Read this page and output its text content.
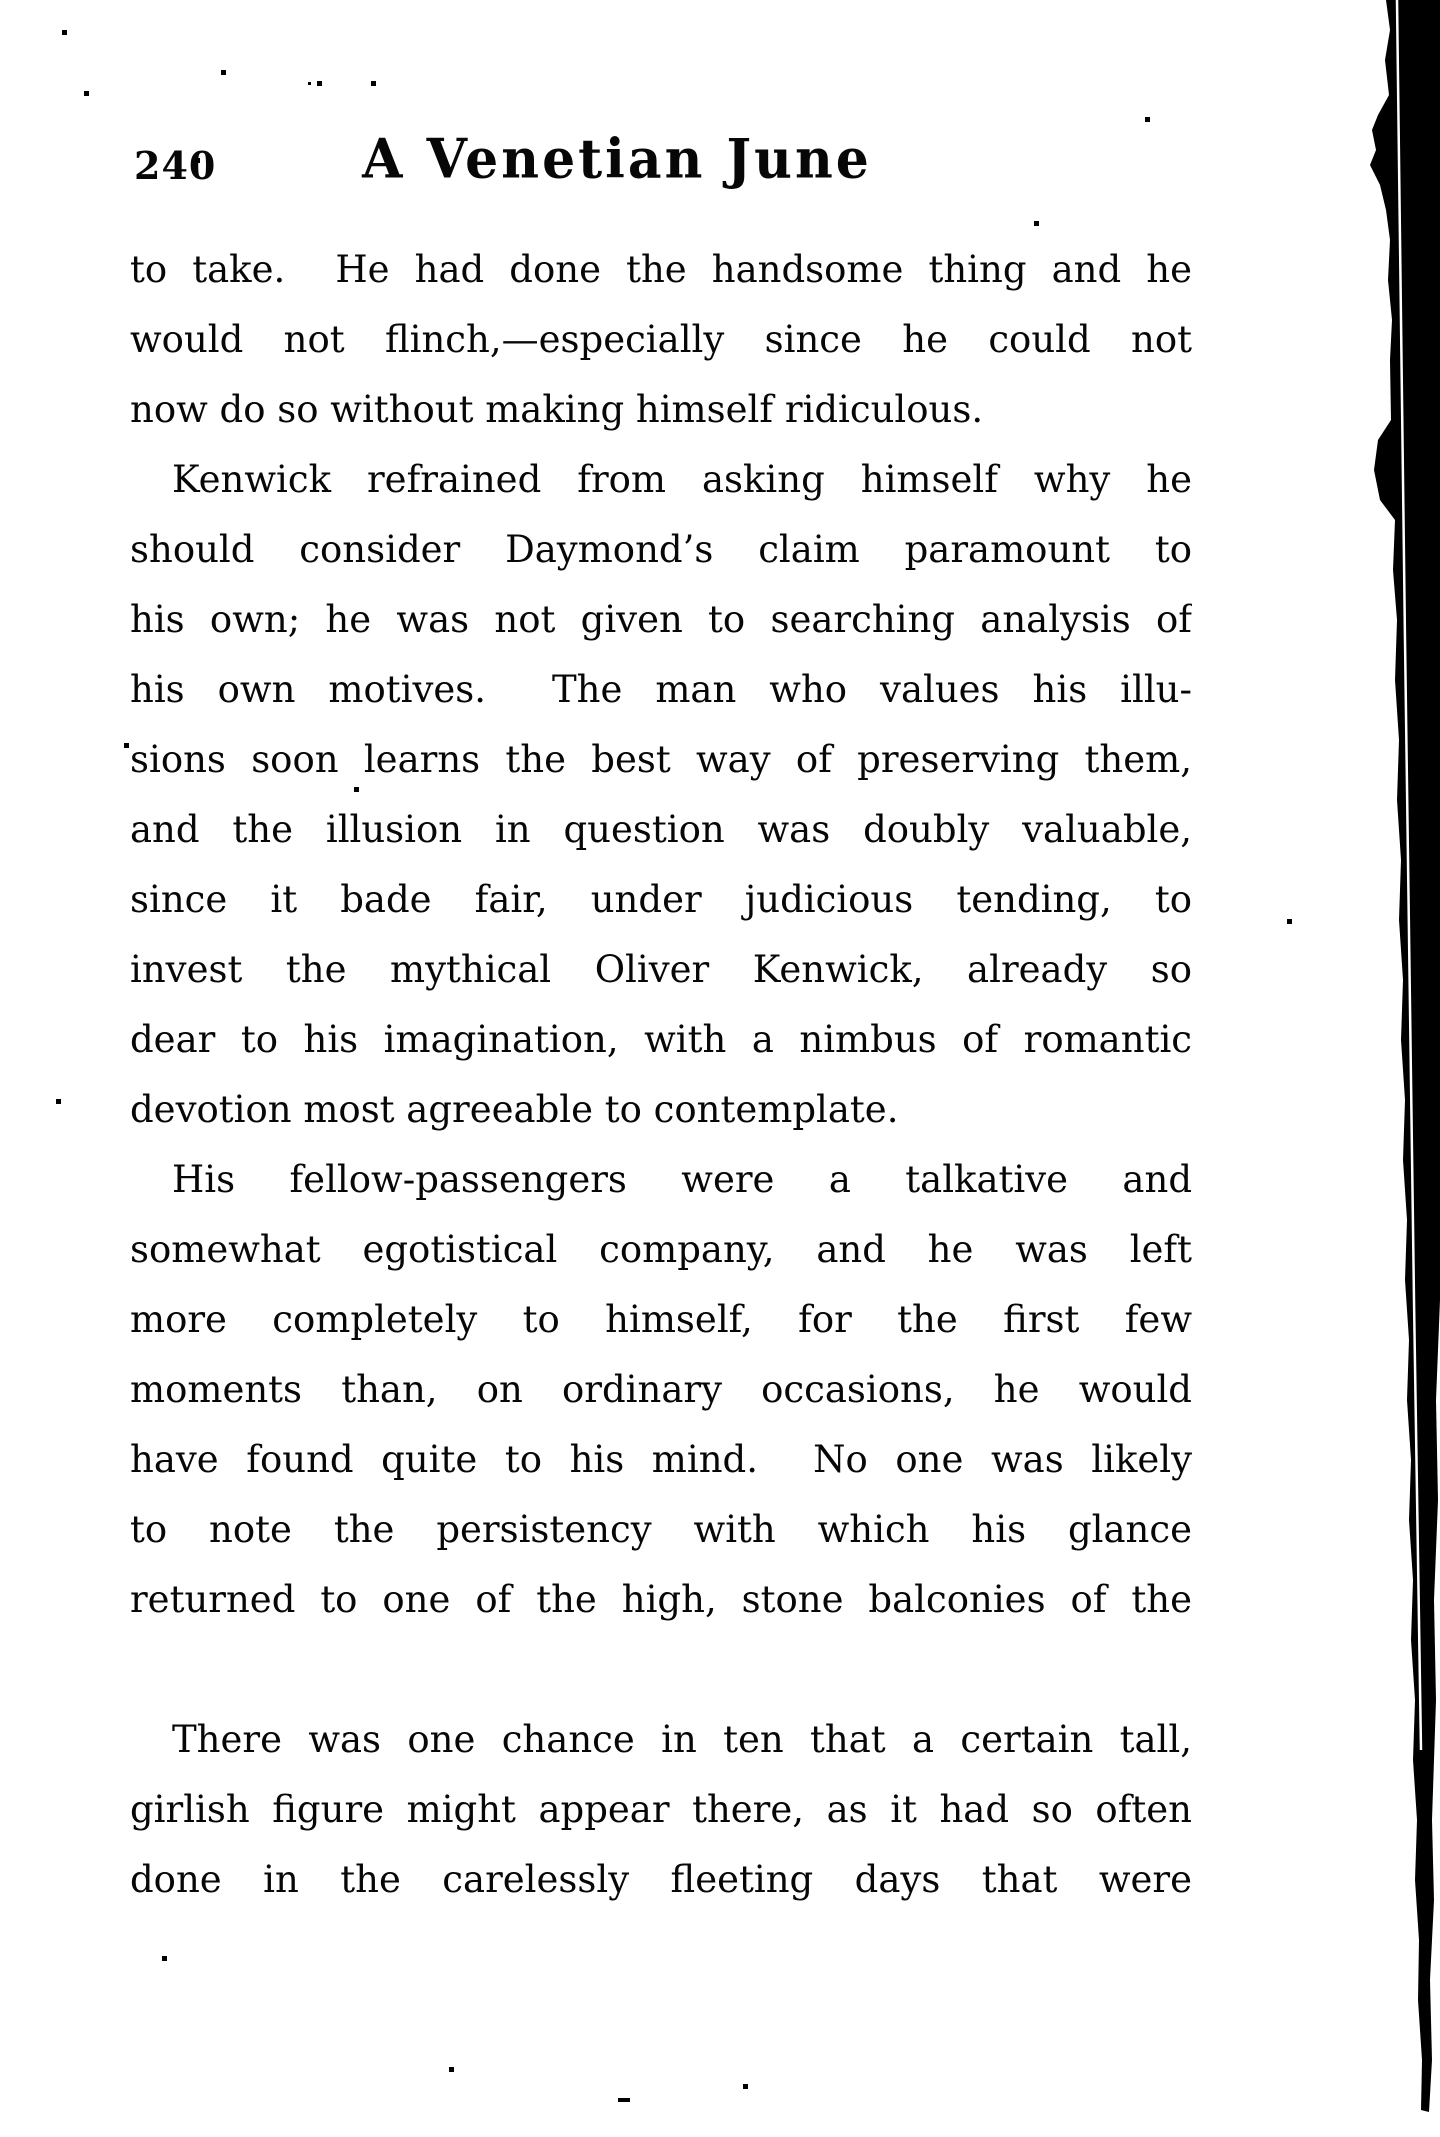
240	A Venetian June
to take.  He had done the handsome thing and he
would not flinch,—especially since he could not
now do so without making himself ridiculous.
Kenwick refrained from asking himself why he
should consider Daymond’s claim paramount to
his own; he was not given to searching analysis of
his own motives.  The man who values his illu-
sions soon learns the best way of preserving them,
and the illusion in question was doubly valuable,
since it bade fair, under judicious tending, to
invest the mythical Oliver Kenwick, already so
dear to his imagination, with a nimbus of romantic
devotion most agreeable to contemplate.
His fellow-passengers were a talkative and
somewhat egotistical company, and he was left
more completely to himself, for the first few
moments than, on ordinary occasions, he would
have found quite to his mind.  No one was likely
to note the persistency with which his glance
returned to one of the high, stone balconies of the

There was one chance in ten that a certain tall,
girlish figure might appear there, as it had so often
done in the carelessly fleeting days that were
